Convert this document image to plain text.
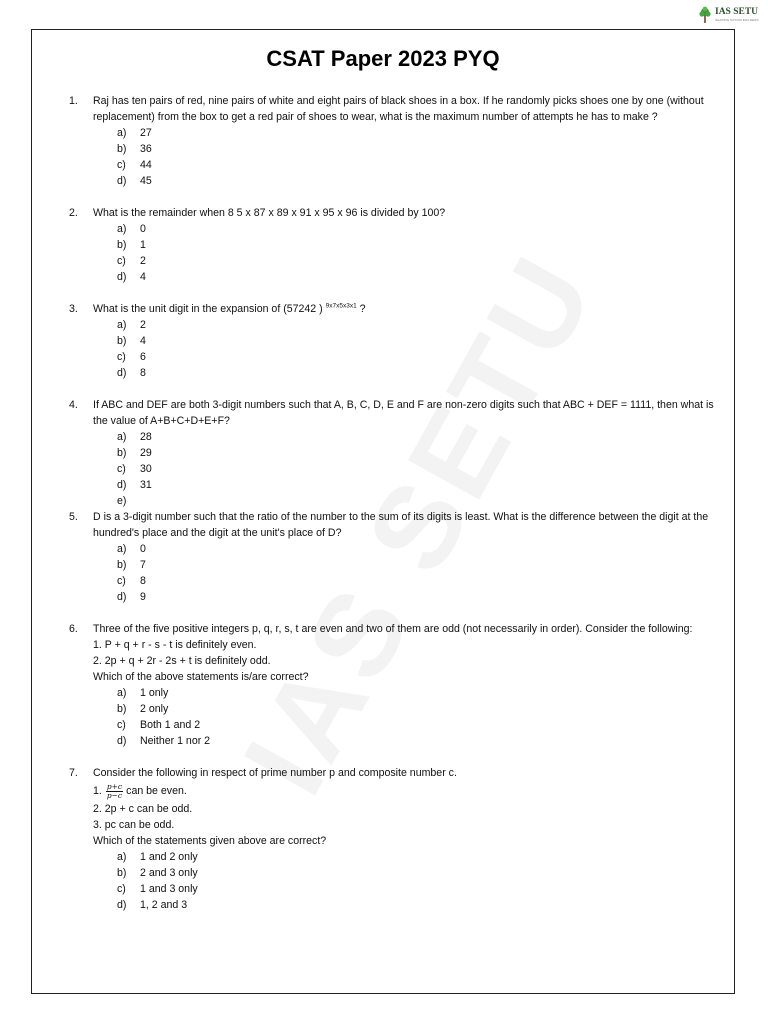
IAS SETU
SHAPING NATION BUILDERS
CSAT Paper 2023 PYQ
1. Raj has ten pairs of red, nine pairs of white and eight pairs of black shoes in a box. If he randomly picks shoes one by one (without replacement) from the box to get a red pair of shoes to wear, what is the maximum number of attempts he has to make ?
a)	27
b)	36
c)	44
d)	45
2. What is the remainder when 8 5 x 87 x 89 x 91 x 95 x 96 is divided by 100?
a)	0
b)	1
c)	2
d)	4
3. What is the unit digit in the expansion of (57242 ) $^{9x7x5x3x1}$ ?
a)	2
b)	4
c)	6
d)	8
4. If ABC and DEF are both 3-digit numbers such that A, B, C, D, E and F are non-zero digits such that ABC + DEF = 1111, then what is the value of A+B+C+D+E+F?
a)	28
b)	29
c)	30
d)	31
e)
5. D is a 3-digit number such that the ratio of the number to the sum of its digits is least. What is the difference between the digit at the hundred's place and the digit at the unit's place of D?
a)	0
b)	7
c)	8
d)	9
6. Three of the five positive integers p, q, r, s, t are even and two of them are odd (not necessarily in order). Consider the following:
1. P + q + r - s - t is definitely even.
2. 2p + q + 2r - 2s + t is definitely odd.
Which of the above statements is/are correct?
a)	1 only
b)	2 only
c)	Both 1 and 2
d)	Neither 1 nor 2
7. Consider the following in respect of prime number p and composite number c.
1. $\frac{p+c}{p-c}$ can be even.
2. 2p + c can be odd.
3. pc can be odd.
Which of the statements given above are correct?
a)	1 and 2 only
b)	2 and 3 only
c)	1 and 3 only
d)	1, 2 and 3
